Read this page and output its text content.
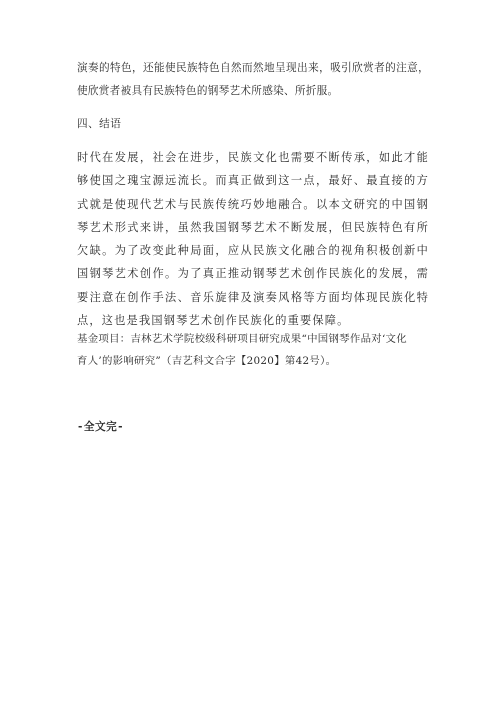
演奏的特色，还能使民族特色自然而然地呈现出来，吸引欣赏者的注意，使欣赏者被具有民族特色的钢琴艺术所感染、所折服。

四、结语

时代在发展，社会在进步，民族文化也需要不断传承，如此才能够使国之瑰宝源远流长。而真正做到这一点，最好、最直接的方式就是使现代艺术与民族传统巧妙地融合。以本文研究的中国钢琴艺术形式来讲，虽然我国钢琴艺术不断发展，但民族特色有所欠缺。为了改变此种局面，应从民族文化融合的视角积极创新中国钢琴艺术创作。为了真正推动钢琴艺术创作民族化的发展，需要注意在创作手法、音乐旋律及演奏风格等方面均体现民族化特点，这也是我国钢琴艺术创作民族化的重要保障。

基金项目：吉林艺术学院校级科研项目研究成果“中国钢琴作品对‘文化育人’的影响研究”（吉艺科文合字【2020】第42号）。

-全文完-
